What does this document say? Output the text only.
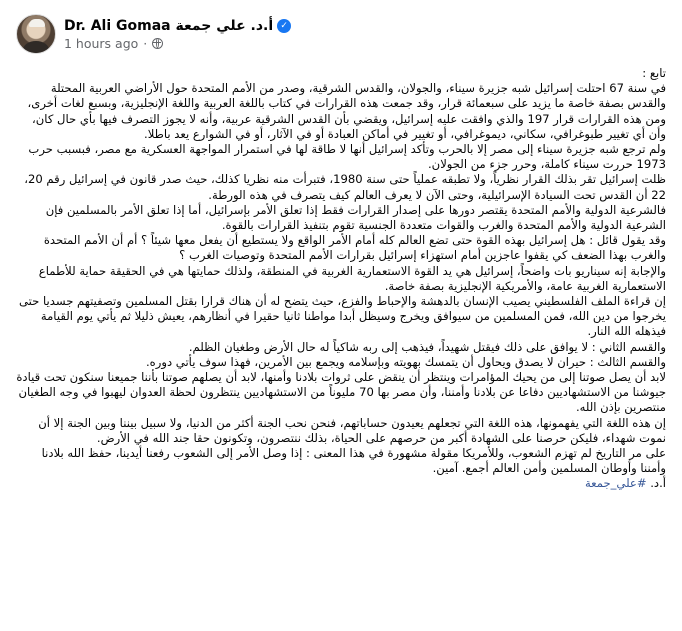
Dr. Ali Gomaa أ.د. علي جمعة ✓
1 hours ago ·

تابع :

في سنة 67 احتلت إسرائيل شبه جزيرة سيناء، والجولان، والقدس الشرقية، وصدر من الأمم المتحدة حول الأراضي العربية المحتلة والقدس بصفة خاصة ما يزيد على سبعمائة قرار، وقد جمعت هذه القرارات في كتاب باللغة العربية واللغة الإنجليزية، وبسبع لغات أخرى، ومن هذه القرارات قرار 197 والذي وافقت عليه إسرائيل، ويقضي بأن القدس الشرقية عربية، وأنه لا يجوز التصرف فيها بأي حال كان، وأن أي تغيير طبوغرافي، سكاني، ديموغرافي، أو تغيير في أماكن العبادة أو في الآثار، أو في الشوارع يعد باطلا.

ولم ترجع شبه جزيرة سيناء إلى مصر إلا بالحرب وتأكد إسرائيل أنها لا طاقة لها في استمرار المواجهة العسكرية مع مصر، فبسبب حرب 1973 حررت سيناء كاملة، وحرر جزء من الجولان.

ظلت إسرائيل تقر بذلك القرار نظرياً، ولا تطبقه عملياً حتى سنة 1980، فتبرأت منه نظريا كذلك، حيث صدر قانون في إسرائيل رقم 20، 22 أن القدس تحت السيادة الإسرائيلية، وحتى الآن لا يعرف العالم كيف يتصرف في هذه الورطة.

فالشرعية الدولية والأمم المتحدة يقتصر دورها على إصدار القرارات فقط إذا تعلق الأمر بإسرائيل، أما إذا تعلق الأمر بالمسلمين فإن الشرعية الدولية والأمم المتحدة والغرب والقوات متعددة الجنسية تقوم بتنفيذ القرارات بالقوة.

وقد يقول قائل : هل إسرائيل بهذه القوة حتى تضع العالم كله أمام الأمر الواقع ولا يستطيع أن يفعل معها شيئاً ؟ أم أن الأمم المتحدة والغرب بهذا الضعف كي يقفوا عاجزين أمام استهزاء إسرائيل بقرارات الأمم المتحدة وتوصيات الغرب ؟

والإجابة إنه سيناريو بات واضحاً، إسرائيل هي يد القوة الاستعمارية الغربية في المنطقة، ولذلك حمايتها هي في الحقيقة حماية للأطماع الاستعمارية الغربية عامة، والأمريكية الإنجليزية بصفة خاصة.

إن قراءة الملف الفلسطيني يصيب الإنسان بالدهشة والإحباط والفزع، حيث يتضح له أن هناك قرارا بقتل المسلمين وتصفيتهم جسديا حتى يخرجوا من دين الله، فمن المسلمين من سيوافق ويخرج وسيظل أبدا مواطنا ثانيا حقيرا في أنظارهم، يعيش ذليلا ثم يأتي يوم القيامة فيذهله الله النار.

والقسم الثاني : لا يوافق على ذلك فيقتل شهيداً، فيذهب إلى ربه شاكياً له حال الأرض وطغيان الظلم.

والقسم الثالث : حيران لا يصدق ويحاول أن يتمسك بهويته وبإسلامه ويجمع بين الأمرين، فهذا سوف يأتي دوره.

لابد أن يصل صوتنا إلى من يحيك المؤامرات وينتظر أن ينقض على ثروات بلادنا وأمنها، لابد أن يصلهم صوتنا بأننا جميعنا سنكون تحت قيادة جيوشنا من الاستشهاديين دفاعا عن بلادنا وأمننا، وأن مصر بها 70 مليوناً من الاستشهاديين ينتظرون لحظة العدوان ليهبوا في وجه الطغيان منتصرين بإذن الله.

إن هذه اللغة التي يفهمونها، هذه اللغة التي تجعلهم يعيدون حساباتهم، فنحن نحب الجنة أكثر من الدنيا، ولا سبيل بيننا وبين الجنة إلا أن نموت شهداء، فليكن حرصنا على الشهادة أكبر من حرصهم على الحياة، بذلك ننتصرون، وتكونون حقا جند الله في الأرض.

على مر التاريخ لم تهزم الشعوب، وللأمريكا مقولة مشهورة في هذا المعنى : إذا وصل الأمر إلى الشعوب رفعنا أيدينا، حفظ الله بلادنا وأمننا وأوطان المسلمين وأمن العالم أجمع. آمين.

أ.د. #علي_جمعة
